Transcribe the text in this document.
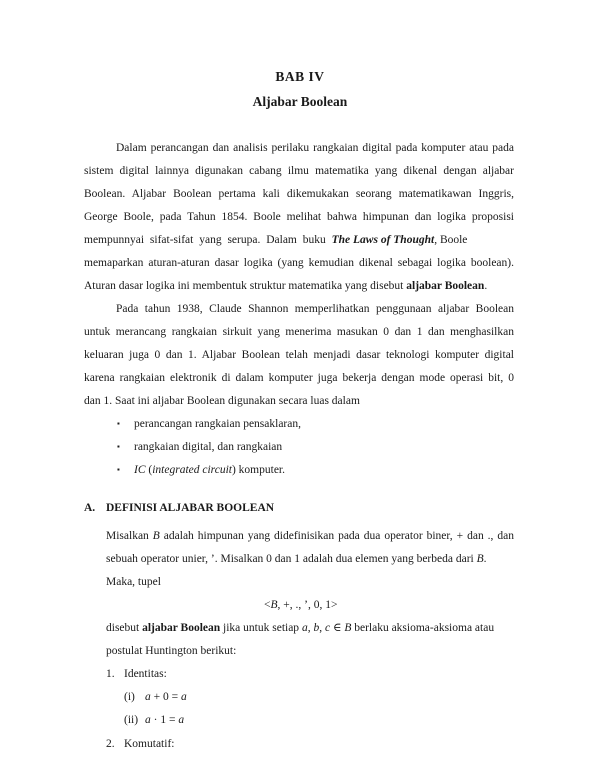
BAB IV
Aljabar Boolean
Dalam perancangan dan analisis perilaku rangkaian digital pada komputer atau pada
sistem digital lainnya digunakan cabang ilmu matematika yang dikenal dengan aljabar
Boolean. Aljabar Boolean pertama kali dikemukakan seorang matematikawan Inggris,
George Boole, pada Tahun 1854. Boole melihat bahwa himpunan dan logika proposisi
mempunnyai sifat-sifat yang serupa. Dalam buku The Laws of Thought, Boole
memaparkan aturan-aturan dasar logika (yang kemudian dikenal sebagai logika boolean).
Aturan dasar logika ini membentuk struktur matematika yang disebut aljabar Boolean.
Pada tahun 1938, Claude Shannon memperlihatkan penggunaan aljabar Boolean
untuk merancang rangkaian sirkuit yang menerima masukan 0 dan 1 dan menghasilkan
keluaran juga 0 dan 1. Aljabar Boolean telah menjadi dasar teknologi komputer digital
karena rangkaian elektronik di dalam komputer juga bekerja dengan mode operasi bit, 0
dan 1. Saat ini aljabar Boolean digunakan secara luas dalam
▪ perancangan rangkaian pensaklaran,
▪ rangkaian digital, dan rangkaian
▪ IC (integrated circuit) komputer.
A. DEFINISI ALJABAR BOOLEAN
Misalkan B adalah himpunan yang didefinisikan pada dua operator biner, + dan ., dan
sebuah operator unier, ’. Misalkan 0 dan 1 adalah dua elemen yang berbeda dari B.
Maka, tupel
<B, +, ., ’, 0, 1>
disebut aljabar Boolean jika untuk setiap a, b, c ∈ B berlaku aksioma-aksioma atau
postulat Huntington berikut:
1. Identitas:
(i) a + 0 = a
(ii) a · 1 = a
2. Komutatif:
